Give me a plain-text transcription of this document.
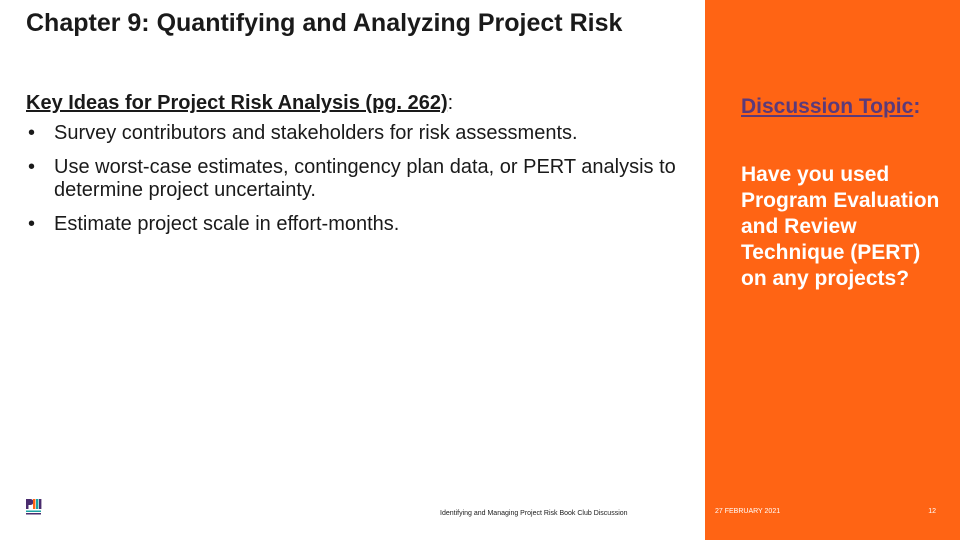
Chapter 9: Quantifying and Analyzing Project Risk
Key Ideas for Project Risk Analysis (pg. 262):
• Survey contributors and stakeholders for risk assessments.
• Use worst-case estimates, contingency plan data, or PERT analysis to determine project uncertainty.
• Estimate project scale in effort-months.
Identifying and Managing Project Risk Book Club Discussion
Discussion Topic:
Have you used Program Evaluation and Review Technique (PERT) on any projects?
27 FEBRUARY 2021	12
